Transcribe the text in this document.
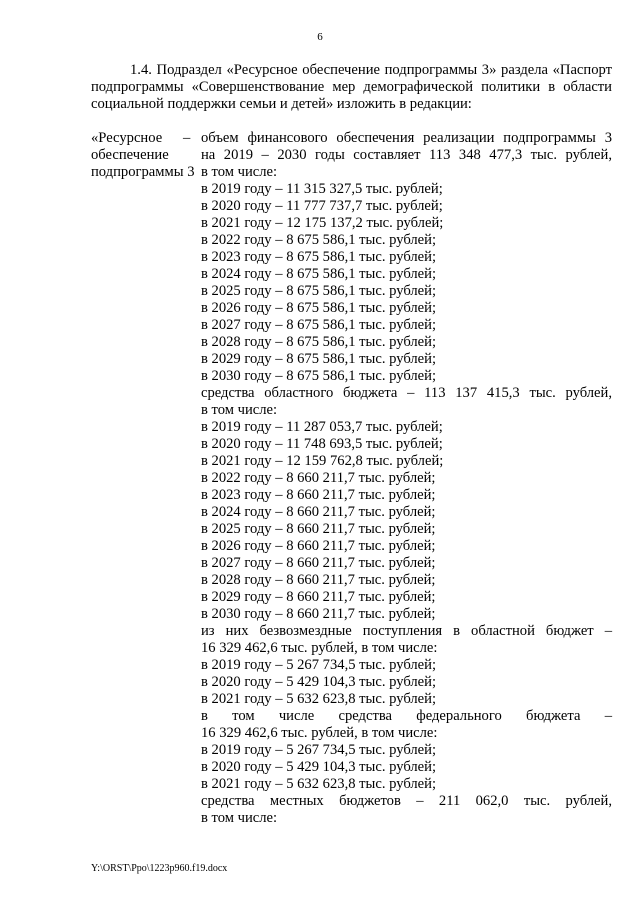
6

1.4. Подраздел «Ресурсное обеспечение подпрограммы 3» раздела «Паспорт подпрограммы «Совершенствование мер демографической политики в области социальной поддержки семьи и детей» изложить в редакции:

«Ресурсное
обеспечение
подпрограммы 3
– объем финансового обеспечения реализации подпрограммы 3
на 2019 – 2030 годы составляет 113 348 477,3 тыс. рублей,
в том числе:
в 2019 году – 11 315 327,5 тыс. рублей;
в 2020 году – 11 777 737,7 тыс. рублей;
в 2021 году – 12 175 137,2 тыс. рублей;
в 2022 году – 8 675 586,1 тыс. рублей;
в 2023 году – 8 675 586,1 тыс. рублей;
в 2024 году – 8 675 586,1 тыс. рублей;
в 2025 году – 8 675 586,1 тыс. рублей;
в 2026 году – 8 675 586,1 тыс. рублей;
в 2027 году – 8 675 586,1 тыс. рублей;
в 2028 году – 8 675 586,1 тыс. рублей;
в 2029 году – 8 675 586,1 тыс. рублей;
в 2030 году – 8 675 586,1 тыс. рублей;
средства областного бюджета – 113 137 415,3 тыс. рублей,
в том числе:
в 2019 году – 11 287 053,7 тыс. рублей;
в 2020 году – 11 748 693,5 тыс. рублей;
в 2021 году – 12 159 762,8 тыс. рублей;
в 2022 году – 8 660 211,7 тыс. рублей;
в 2023 году – 8 660 211,7 тыс. рублей;
в 2024 году – 8 660 211,7 тыс. рублей;
в 2025 году – 8 660 211,7 тыс. рублей;
в 2026 году – 8 660 211,7 тыс. рублей;
в 2027 году – 8 660 211,7 тыс. рублей;
в 2028 году – 8 660 211,7 тыс. рублей;
в 2029 году – 8 660 211,7 тыс. рублей;
в 2030 году – 8 660 211,7 тыс. рублей;
из них безвозмездные поступления в областной бюджет –
16 329 462,6 тыс. рублей, в том числе:
в 2019 году – 5 267 734,5 тыс. рублей;
в 2020 году – 5 429 104,3 тыс. рублей;
в 2021 году – 5 632 623,8 тыс. рублей;
в том числе средства федерального бюджета –
16 329 462,6 тыс. рублей, в том числе:
в 2019 году – 5 267 734,5 тыс. рублей;
в 2020 году – 5 429 104,3 тыс. рублей;
в 2021 году – 5 632 623,8 тыс. рублей;
средства местных бюджетов – 211 062,0 тыс. рублей,
в том числе:
Y:\ORST\Ppo\1223p960.f19.docx
